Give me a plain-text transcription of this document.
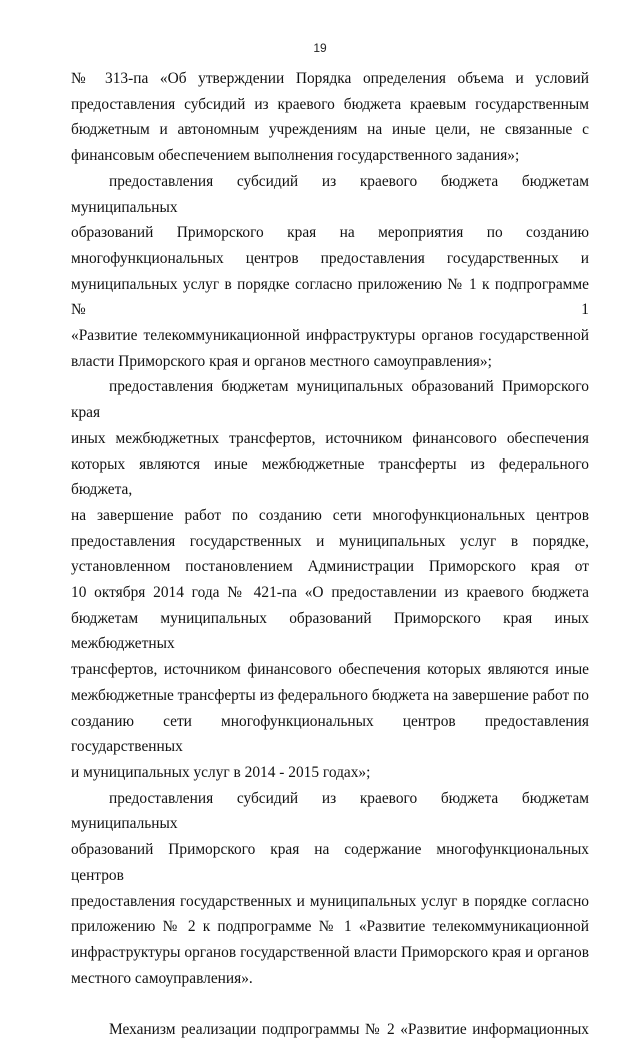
19

№ 313-па «Об утверждении Порядка определения объема и условий
предоставления субсидий из краевого бюджета краевым государственным
бюджетным и автономным учреждениям на иные цели, не связанные с
финансовым обеспечением выполнения государственного задания»;

предоставления субсидий из краевого бюджета бюджетам муниципальных
образований Приморского края на мероприятия по созданию
многофункциональных центров предоставления государственных и
муниципальных услуг в порядке согласно приложению № 1 к подпрограмме № 1
«Развитие телекоммуникационной инфраструктуры органов государственной
власти Приморского края и органов местного самоуправления»;

предоставления бюджетам муниципальных образований Приморского края
иных межбюджетных трансфертов, источником финансового обеспечения
которых являются иные межбюджетные трансферты из федерального бюджета,
на завершение работ по созданию сети многофункциональных центров
предоставления государственных и муниципальных услуг в порядке,
установленном постановлением Администрации Приморского края от
10 октября 2014 года № 421-па «О предоставлении из краевого бюджета
бюджетам муниципальных образований Приморского края иных межбюджетных
трансфертов, источником финансового обеспечения которых являются иные
межбюджетные трансферты из федерального бюджета на завершение работ по
созданию сети многофункциональных центров предоставления государственных
и муниципальных услуг в 2014 - 2015 годах»;

предоставления субсидий из краевого бюджета бюджетам муниципальных
образований Приморского края на содержание многофункциональных центров
предоставления государственных и муниципальных услуг в порядке согласно
приложению № 2 к подпрограмме № 1 «Развитие телекоммуникационной
инфраструктуры органов государственной власти Приморского края и органов
местного самоуправления».

Механизм реализации подпрограммы № 2 «Развитие информационных
